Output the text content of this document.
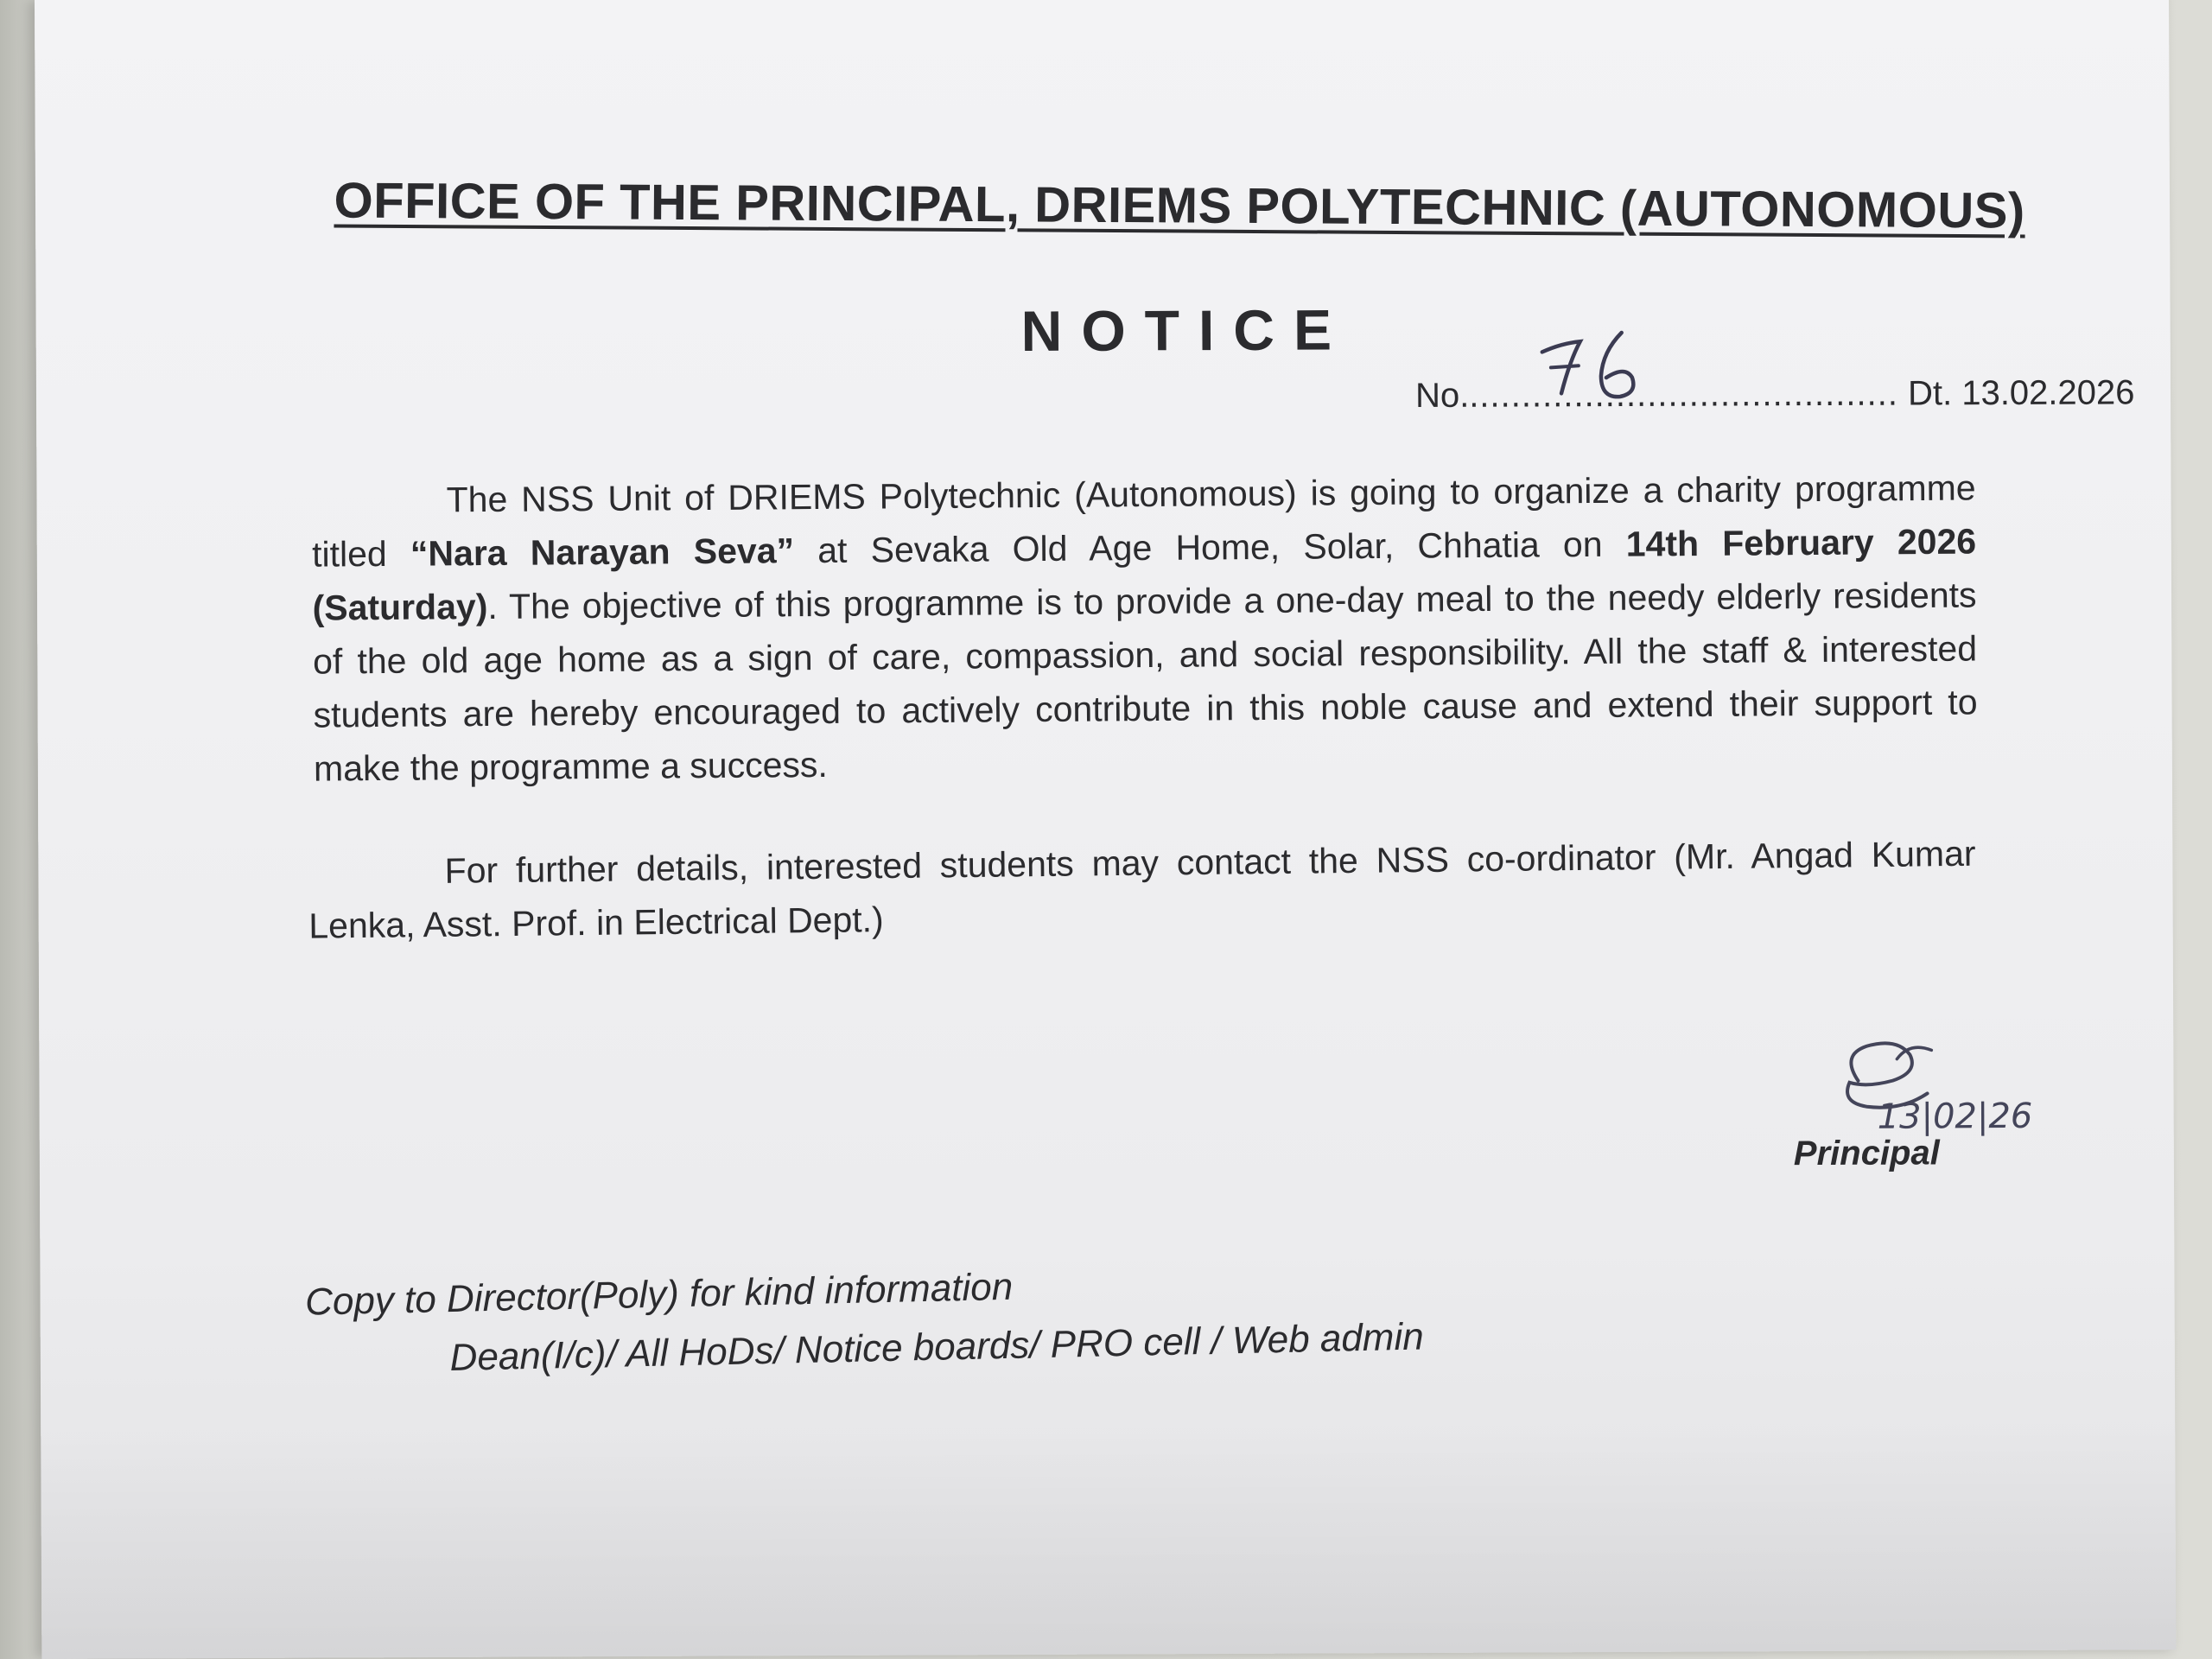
OFFICE OF THE PRINCIPAL, DRIEMS POLYTECHNIC (AUTONOMOUS)
NOTICE
No.......................................... Dt. 13.02.2026
The NSS Unit of DRIEMS Polytechnic (Autonomous) is going to organize a charity programme titled “Nara Narayan Seva” at Sevaka Old Age Home, Solar, Chhatia on 14th February 2026 (Saturday). The objective of this programme is to provide a one-day meal to the needy elderly residents of the old age home as a sign of care, compassion, and social responsibility. All the staff & interested students are hereby encouraged to actively contribute in this noble cause and extend their support to make the programme a success.
For further details, interested students may contact the NSS co-ordinator (Mr. Angad Kumar Lenka, Asst. Prof. in Electrical Dept.)
13|02|26
Principal
Copy to Director(Poly) for kind information
Dean(I/c)/ All HoDs/ Notice boards/ PRO cell / Web admin
